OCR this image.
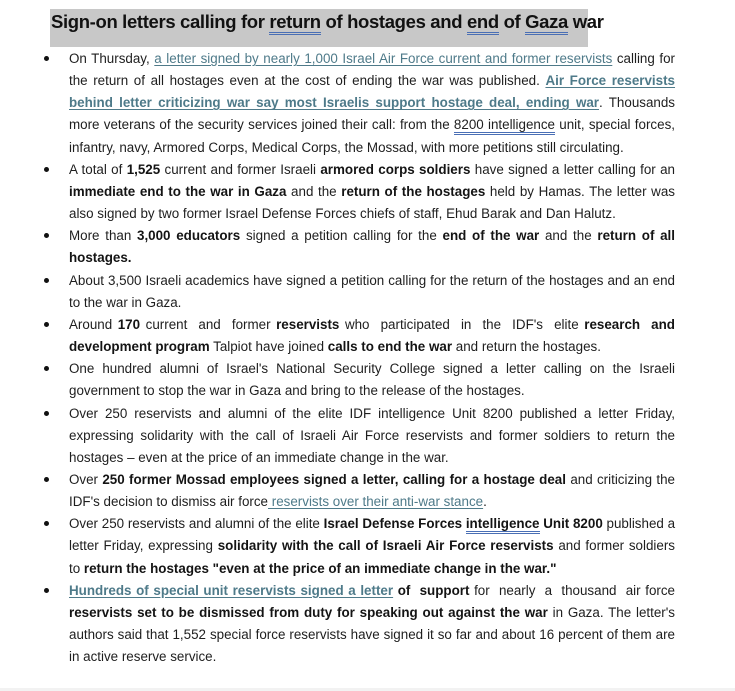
Sign-on letters calling for return of hostages and end of Gaza war
On Thursday, a letter signed by nearly 1,000 Israel Air Force current and former reservists calling for the return of all hostages even at the cost of ending the war was published. Air Force reservists behind letter criticizing war say most Israelis support hostage deal, ending war. Thousands more veterans of the security services joined their call: from the 8200 intelligence unit, special forces, infantry, navy, Armored Corps, Medical Corps, the Mossad, with more petitions still circulating.
A total of 1,525 current and former Israeli armored corps soldiers have signed a letter calling for an immediate end to the war in Gaza and the return of the hostages held by Hamas. The letter was also signed by two former Israel Defense Forces chiefs of staff, Ehud Barak and Dan Halutz.
More than 3,000 educators signed a petition calling for the end of the war and the return of all hostages.
About 3,500 Israeli academics have signed a petition calling for the return of the hostages and an end to the war in Gaza.
Around 170 current  and  former reservists who  participated  in  the  IDF's  elite research  and development program Talpiot have joined calls to end the war and return the hostages.
One hundred alumni of Israel's National Security College signed a letter calling on the Israeli government to stop the war in Gaza and bring to the release of the hostages.
Over 250 reservists and alumni of the elite IDF intelligence Unit 8200 published a letter Friday, expressing solidarity with the call of Israeli Air Force reservists and former soldiers to return the hostages – even at the price of an immediate change in the war.
Over 250 former Mossad employees signed a letter, calling for a hostage deal and criticizing the IDF's decision to dismiss air force reservists over their anti-war stance.
Over 250 reservists and alumni of the elite Israel Defense Forces intelligence Unit 8200 published a letter Friday, expressing solidarity with the call of Israeli Air Force reservists and former soldiers to return the hostages "even at the price of an immediate change in the war."
Hundreds of special unit reservists signed a letter of  support for  nearly  a  thousand  air force reservists set to be dismissed from duty for speaking out against the war in Gaza. The letter's authors said that 1,552 special force reservists have signed it so far and about 16 percent of them are in active reserve service.
